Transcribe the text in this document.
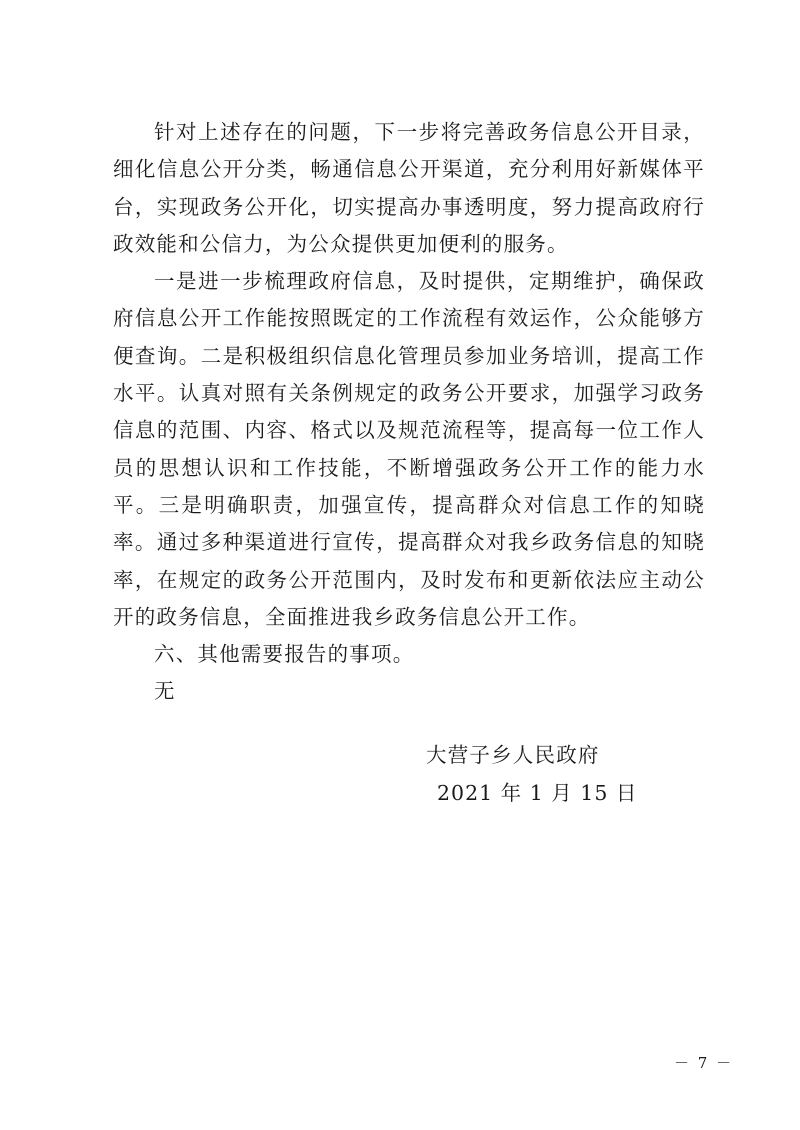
针对上述存在的问题，下一步将完善政务信息公开目录，细化信息公开分类，畅通信息公开渠道，充分利用好新媒体平台，实现政务公开化，切实提高办事透明度，努力提高政府行政效能和公信力，为公众提供更加便利的服务。

一是进一步梳理政府信息，及时提供，定期维护，确保政府信息公开工作能按照既定的工作流程有效运作，公众能够方便查询。二是积极组织信息化管理员参加业务培训，提高工作水平。认真对照有关条例规定的政务公开要求，加强学习政务信息的范围、内容、格式以及规范流程等，提高每一位工作人员的思想认识和工作技能，不断增强政务公开工作的能力水平。三是明确职责，加强宣传，提高群众对信息工作的知晓率。通过多种渠道进行宣传，提高群众对我乡政务信息的知晓率，在规定的政务公开范围内，及时发布和更新依法应主动公开的政务信息，全面推进我乡政务信息公开工作。

六、其他需要报告的事项。

无

大营子乡人民政府
2021 年 1 月 15 日
－ 7 －
